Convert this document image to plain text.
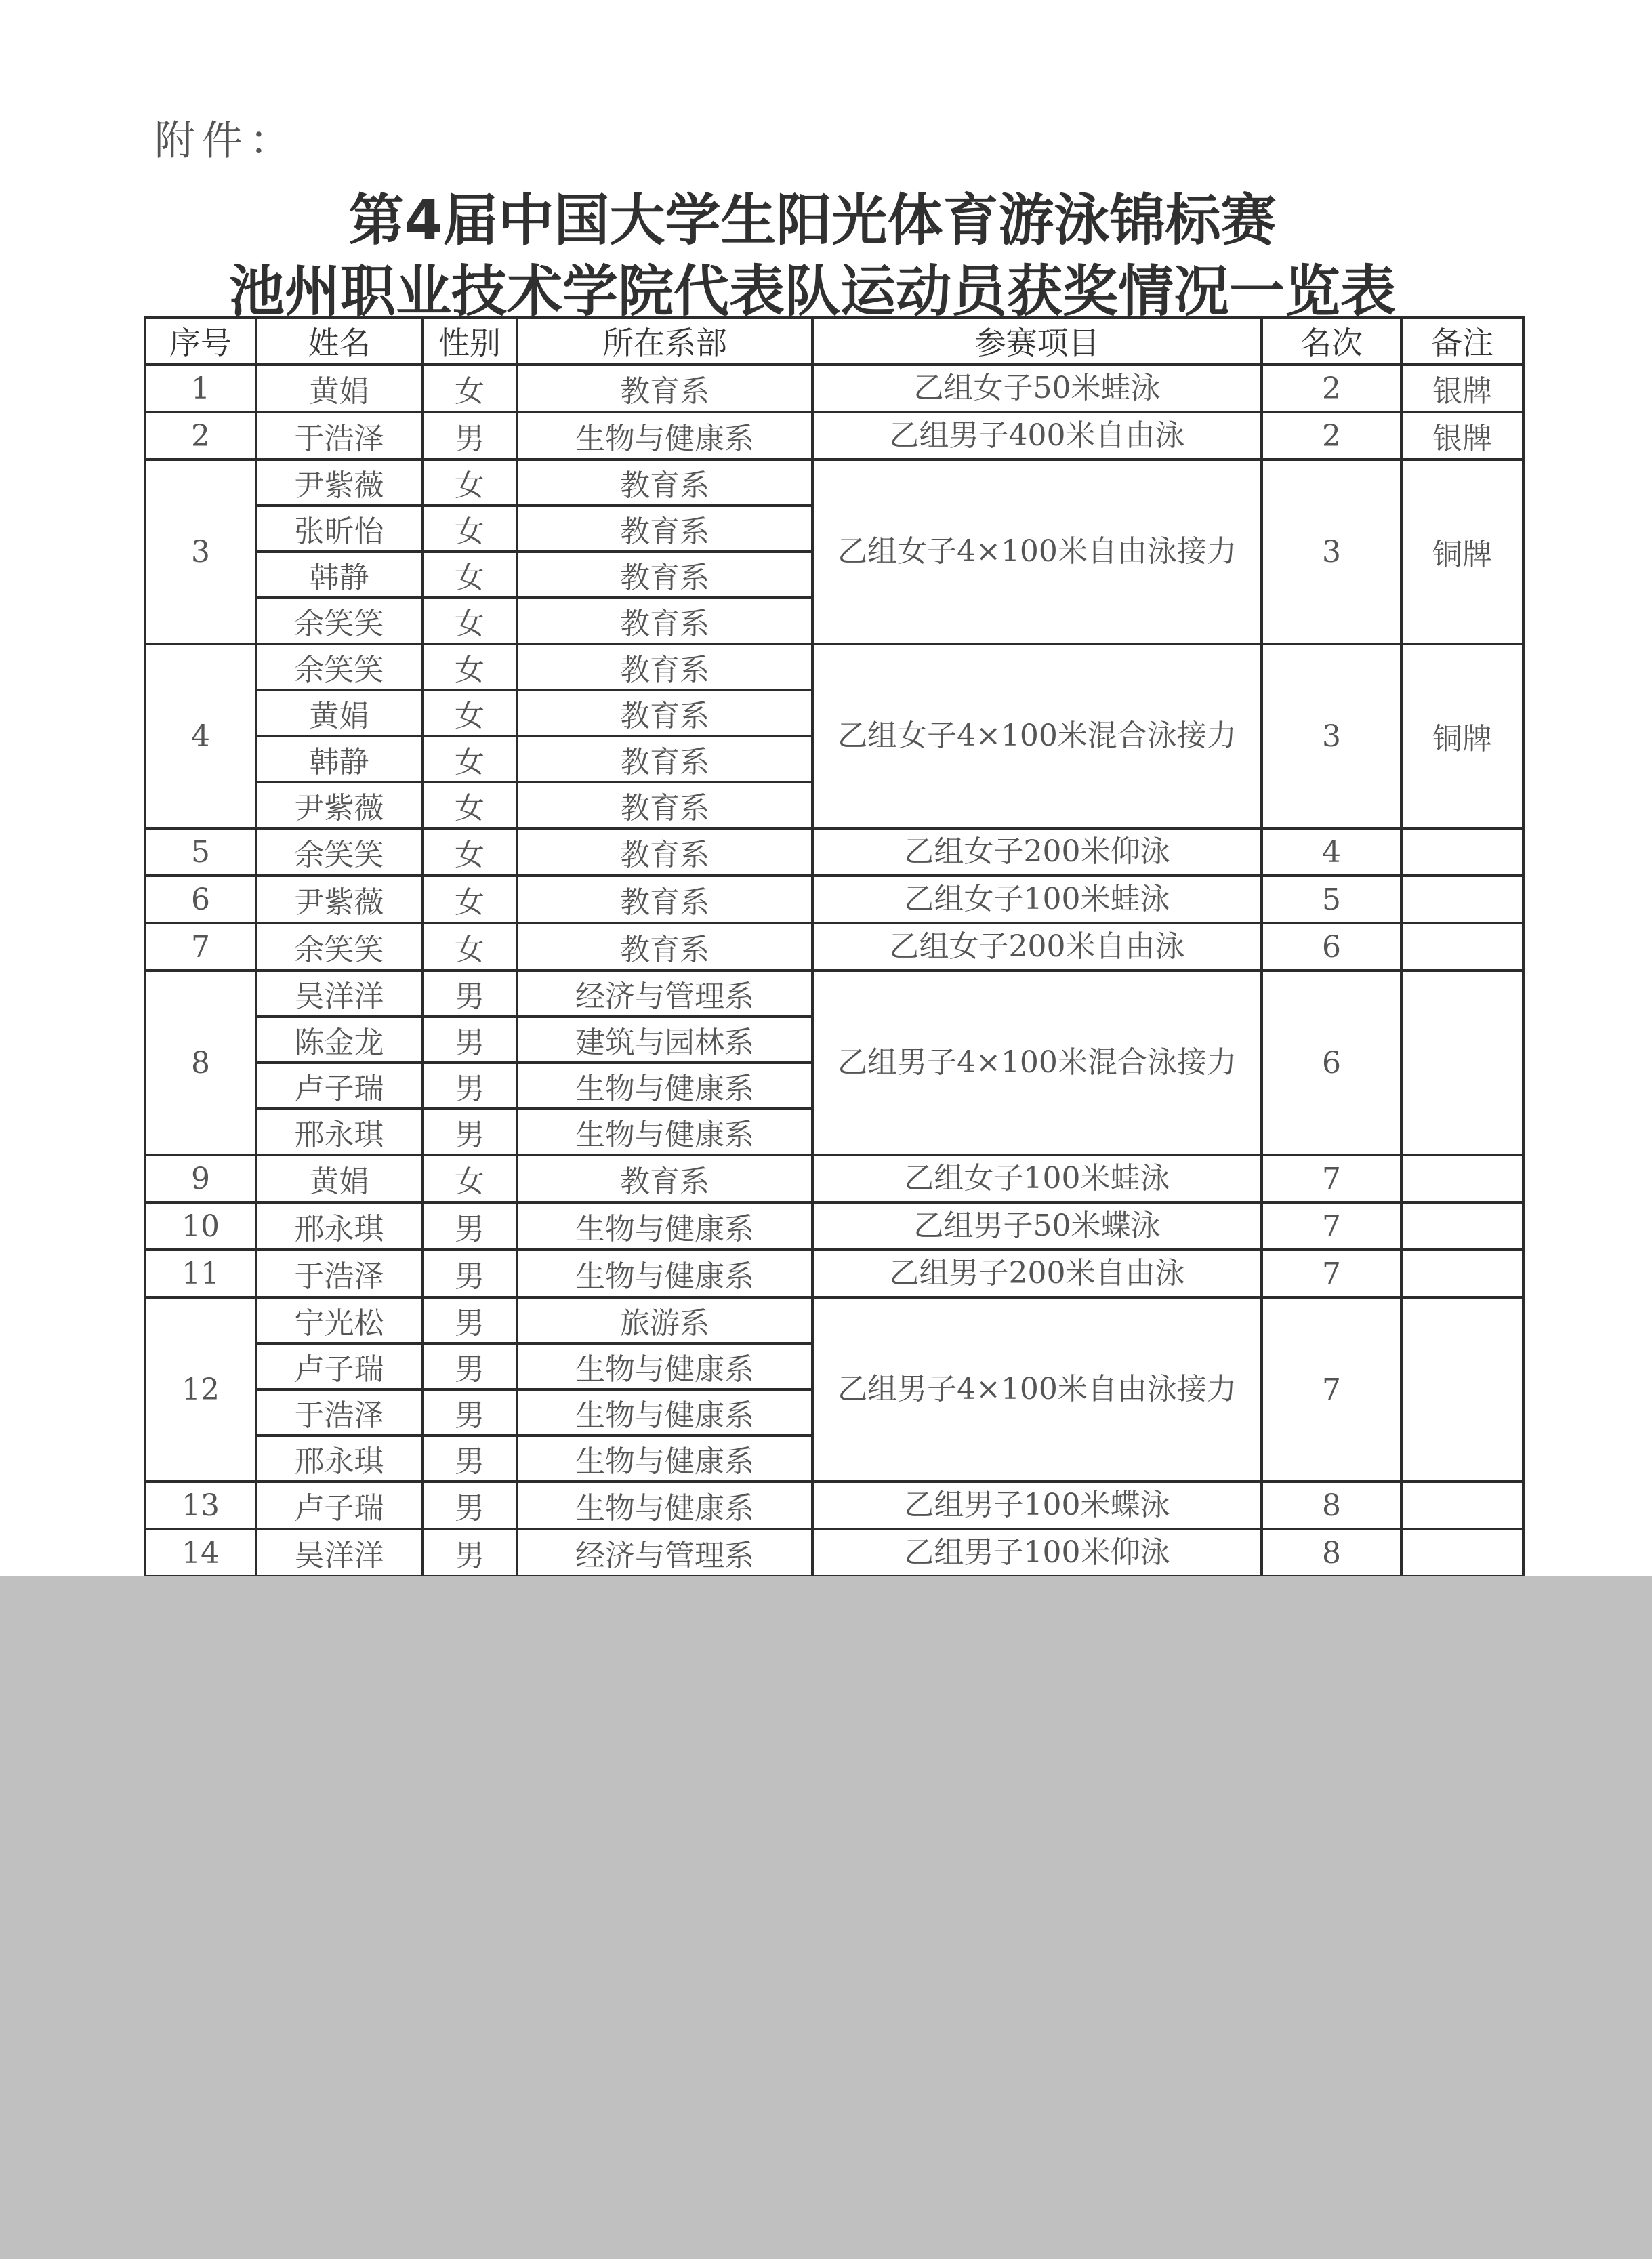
附件：
第4届中国大学生阳光体育游泳锦标赛
池州职业技术学院代表队运动员获奖情况一览表
序号	姓名	性别	所在系部	参赛项目	名次	备注
1	黄娟	女	教育系	乙组女子50米蛙泳	2	银牌
2	于浩泽	男	生物与健康系	乙组男子400米自由泳	2	银牌
3	尹紫薇	女	教育系	乙组女子4×100米自由泳接力	3	铜牌
	张昕怡	女	教育系			
	韩静	女	教育系			
	余笑笑	女	教育系			
4	余笑笑	女	教育系	乙组女子4×100米混合泳接力	3	铜牌
	黄娟	女	教育系			
	韩静	女	教育系			
	尹紫薇	女	教育系			
5	余笑笑	女	教育系	乙组女子200米仰泳	4	
6	尹紫薇	女	教育系	乙组女子100米蛙泳	5	
7	余笑笑	女	教育系	乙组女子200米自由泳	6	
8	吴洋洋	男	经济与管理系	乙组男子4×100米混合泳接力	6	
	陈金龙	男	建筑与园林系			
	卢子瑞	男	生物与健康系			
	邢永琪	男	生物与健康系			
9	黄娟	女	教育系	乙组女子100米蛙泳	7	
10	邢永琪	男	生物与健康系	乙组男子50米蝶泳	7	
11	于浩泽	男	生物与健康系	乙组男子200米自由泳	7	
12	宁光松	男	旅游系	乙组男子4×100米自由泳接力	7	
	卢子瑞	男	生物与健康系			
	于浩泽	男	生物与健康系			
	邢永琪	男	生物与健康系			
13	卢子瑞	男	生物与健康系	乙组男子100米蝶泳	8	
14	吴洋洋	男	经济与管理系	乙组男子100米仰泳	8	
